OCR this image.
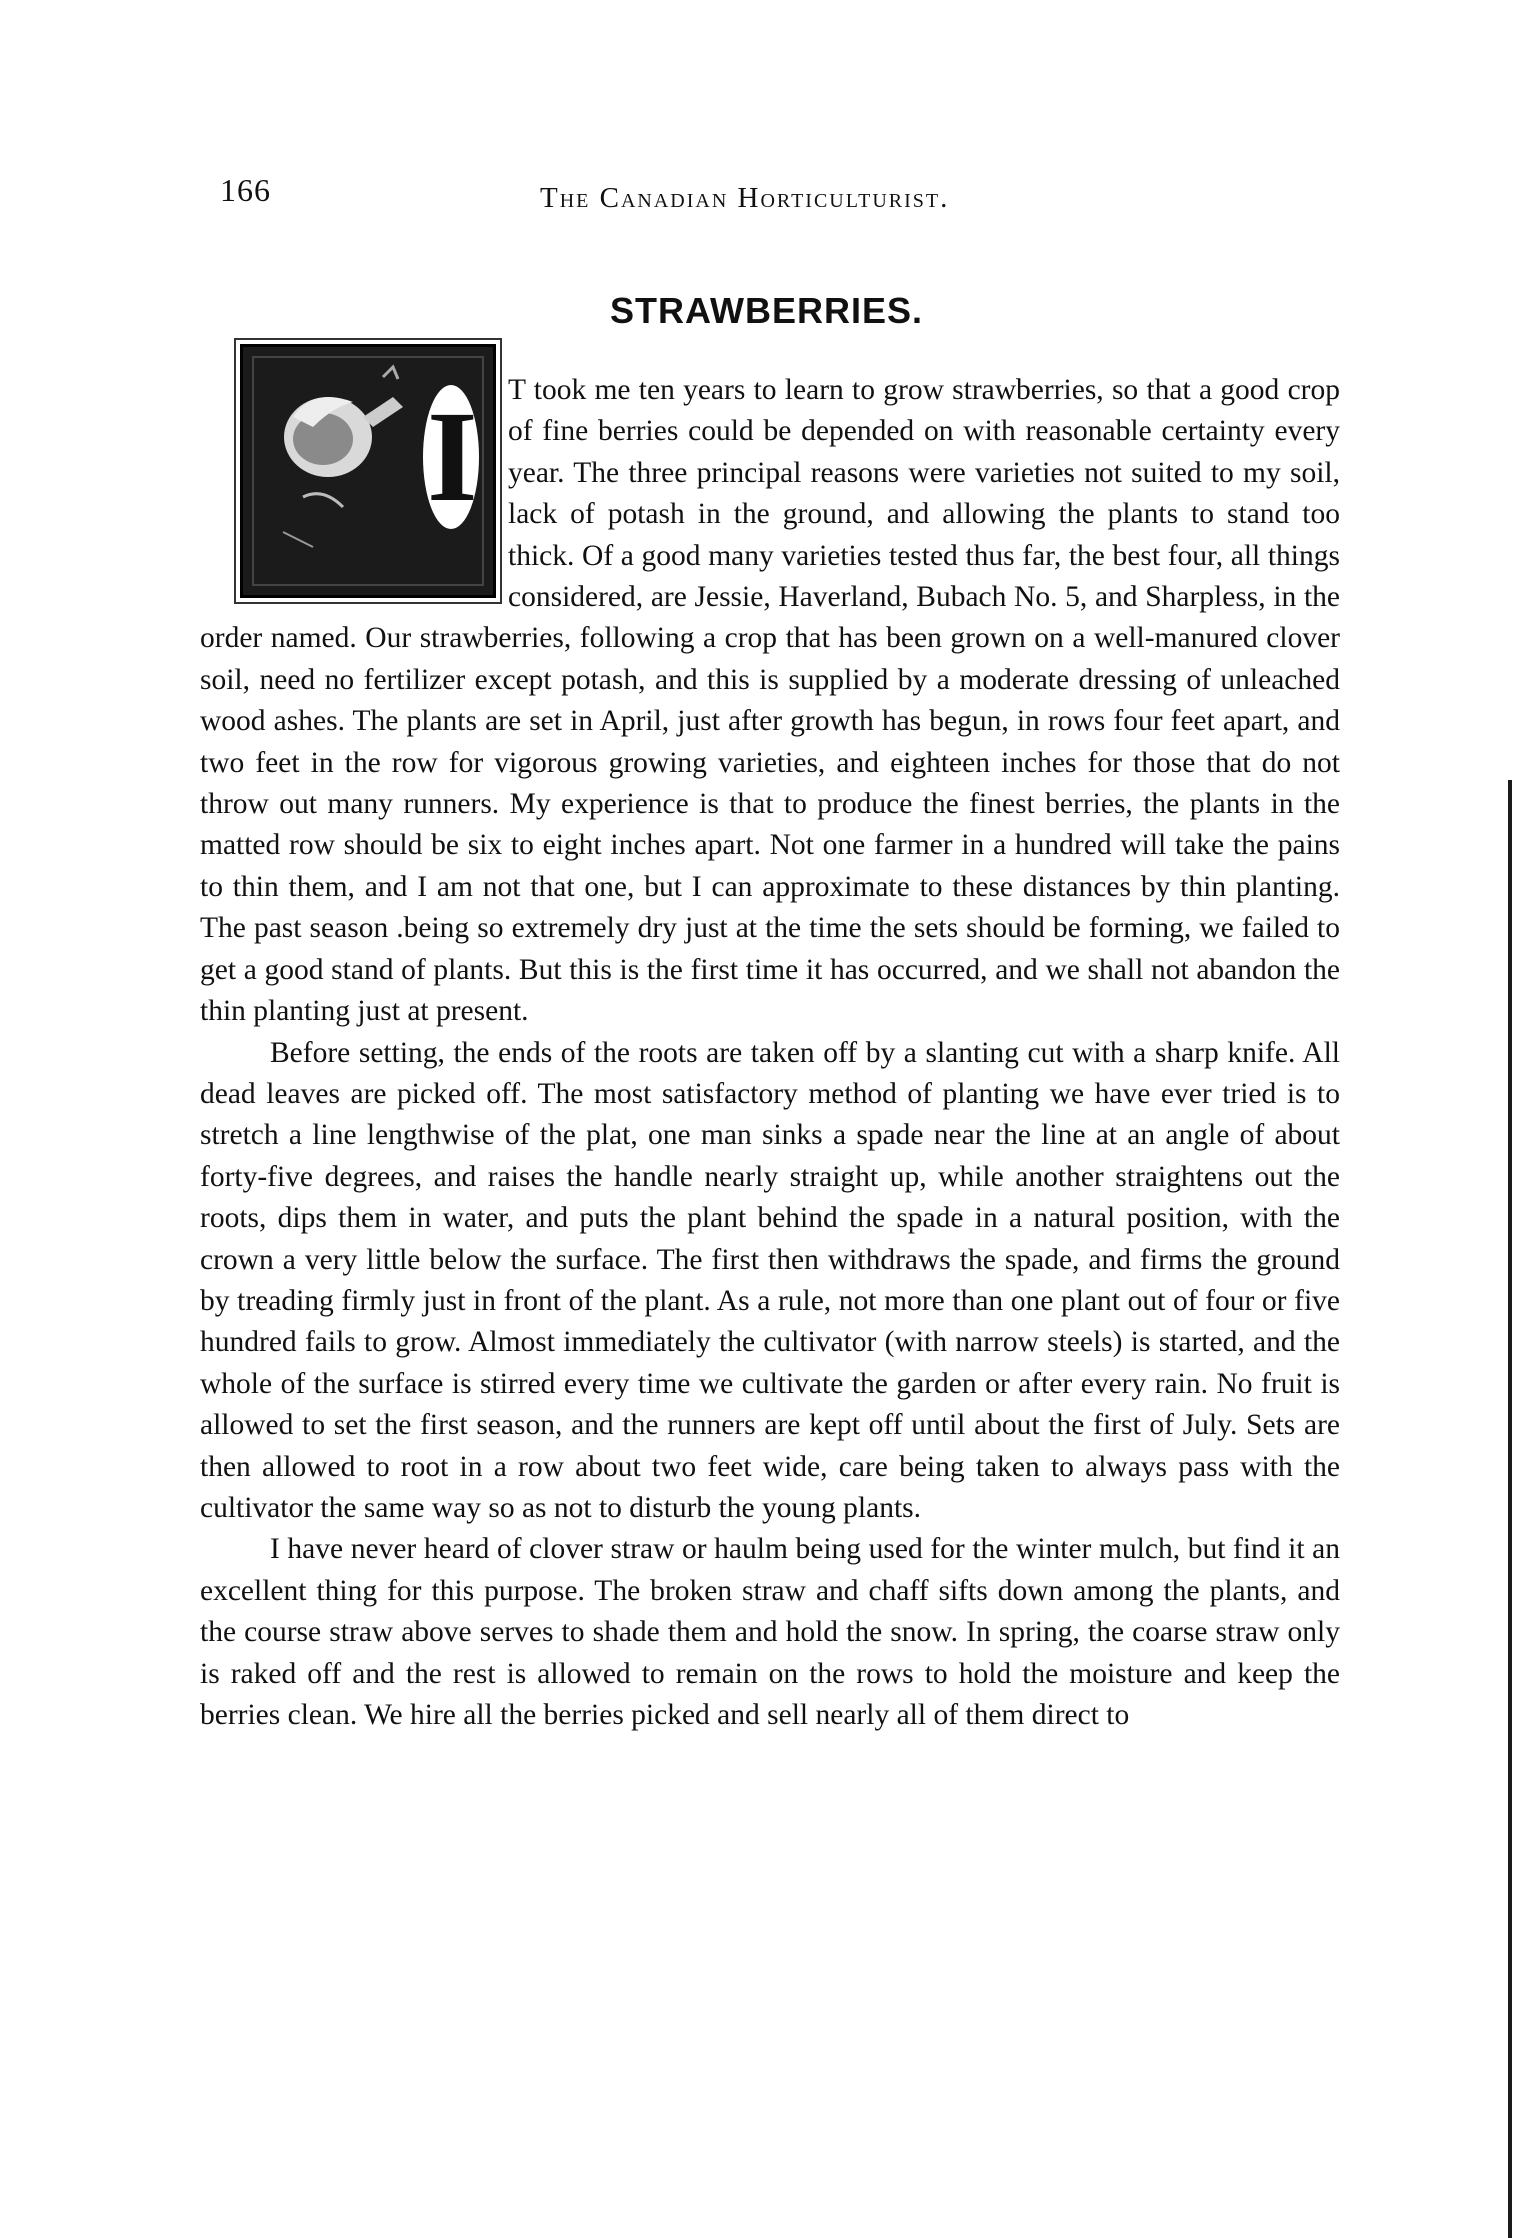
166	The Canadian Horticulturist.
STRAWBERRIES.

I T took me ten years to learn to grow strawberries, so that a good crop of fine berries could be depended on with reasonable certainty every year. The three principal reasons were varieties not suited to my soil, lack of potash in the ground, and allowing the plants to stand too thick. Of a good many varieties tested thus far, the best four, all things considered, are Jessie, Haverland, Bubach No. 5, and Sharpless, in the order named. Our strawberries, following a crop that has been grown on a well-manured clover soil, need no fertilizer except potash, and this is supplied by a moderate dressing of unleached wood ashes. The plants are set in April, just after growth has begun, in rows four feet apart, and two feet in the row for vigorous growing varieties, and eighteen inches for those that do not throw out many runners. My experience is that to produce the finest berries, the plants in the matted row should be six to eight inches apart. Not one farmer in a hundred will take the pains to thin them, and I am not that one, but I can approximate to these distances by thin planting. The past season .being so extremely dry just at the time the sets should be forming, we failed to get a good stand of plants. But this is the first time it has occurred, and we shall not abandon the thin planting just at present.

Before setting, the ends of the roots are taken off by a slanting cut with a sharp knife. All dead leaves are picked off. The most satisfactory method of planting we have ever tried is to stretch a line lengthwise of the plat, one man sinks a spade near the line at an angle of about forty-five degrees, and raises the handle nearly straight up, while another straightens out the roots, dips them in water, and puts the plant behind the spade in a natural position, with the crown a very little below the surface. The first then withdraws the spade, and firms the ground by treading firmly just in front of the plant. As a rule, not more than one plant out of four or five hundred fails to grow. Almost immediately the cultivator (with narrow steels) is started, and the whole of the surface is stirred every time we cultivate the garden or after every rain. No fruit is allowed to set the first season, and the runners are kept off until about the first of July. Sets are then allowed to root in a row about two feet wide, care being taken to always pass with the cultivator the same way so as not to disturb the young plants.

I have never heard of clover straw or haulm being used for the winter mulch, but find it an excellent thing for this purpose. The broken straw and chaff sifts down among the plants, and the course straw above serves to shade them and hold the snow. In spring, the coarse straw only is raked off and the rest is allowed to remain on the rows to hold the moisture and keep the berries clean. We hire all the berries picked and sell nearly all of them direct to
